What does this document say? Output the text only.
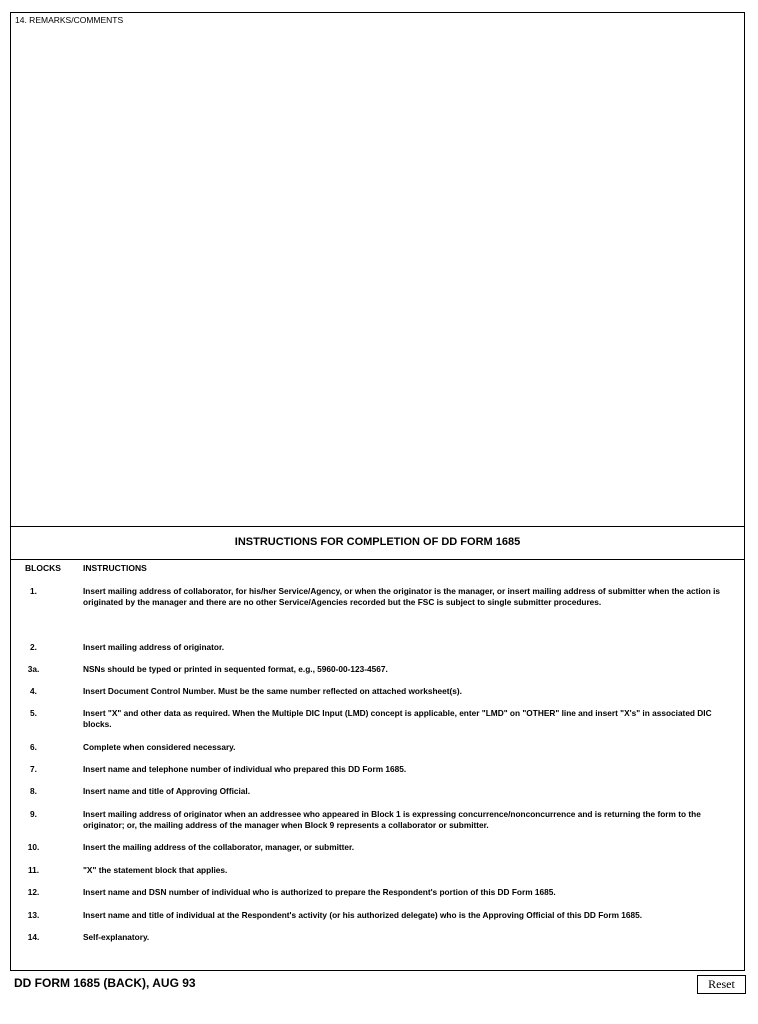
14. REMARKS/COMMENTS
INSTRUCTIONS FOR COMPLETION OF DD FORM 1685
BLOCKS	INSTRUCTIONS
1.	Insert mailing address of collaborator, for his/her Service/Agency, or when the originator is the manager, or insert mailing address of submitter when the action is originated by the manager and there are no other Service/Agencies recorded but the FSC is subject to single submitter procedures.
2.	Insert mailing address of originator.
3a.	NSNs should be typed or printed in sequented format, e.g., 5960-00-123-4567.
4.	Insert Document Control Number. Must be the same number reflected on attached worksheet(s).
5.	Insert "X" and other data as required. When the Multiple DIC Input (LMD) concept is applicable, enter "LMD" on "OTHER" line and insert "X's" in associated DIC blocks.
6.	Complete when considered necessary.
7.	Insert name and telephone number of individual who prepared this DD Form 1685.
8.	Insert name and title of Approving Official.
9.	Insert mailing address of originator when an addressee who appeared in Block 1 is expressing concurrence/nonconcurrence and is returning the form to the originator; or, the mailing address of the manager when Block 9 represents a collaborator or submitter.
10.	Insert the mailing address of the collaborator, manager, or submitter.
11.	"X" the statement block that applies.
12.	Insert name and DSN number of individual who is authorized to prepare the Respondent's portion of this DD Form 1685.
13.	Insert name and title of individual at the Respondent's activity (or his authorized delegate) who is the Approving Official of this DD Form 1685.
14.	Self-explanatory.
DD FORM 1685 (BACK), AUG 93	Reset
